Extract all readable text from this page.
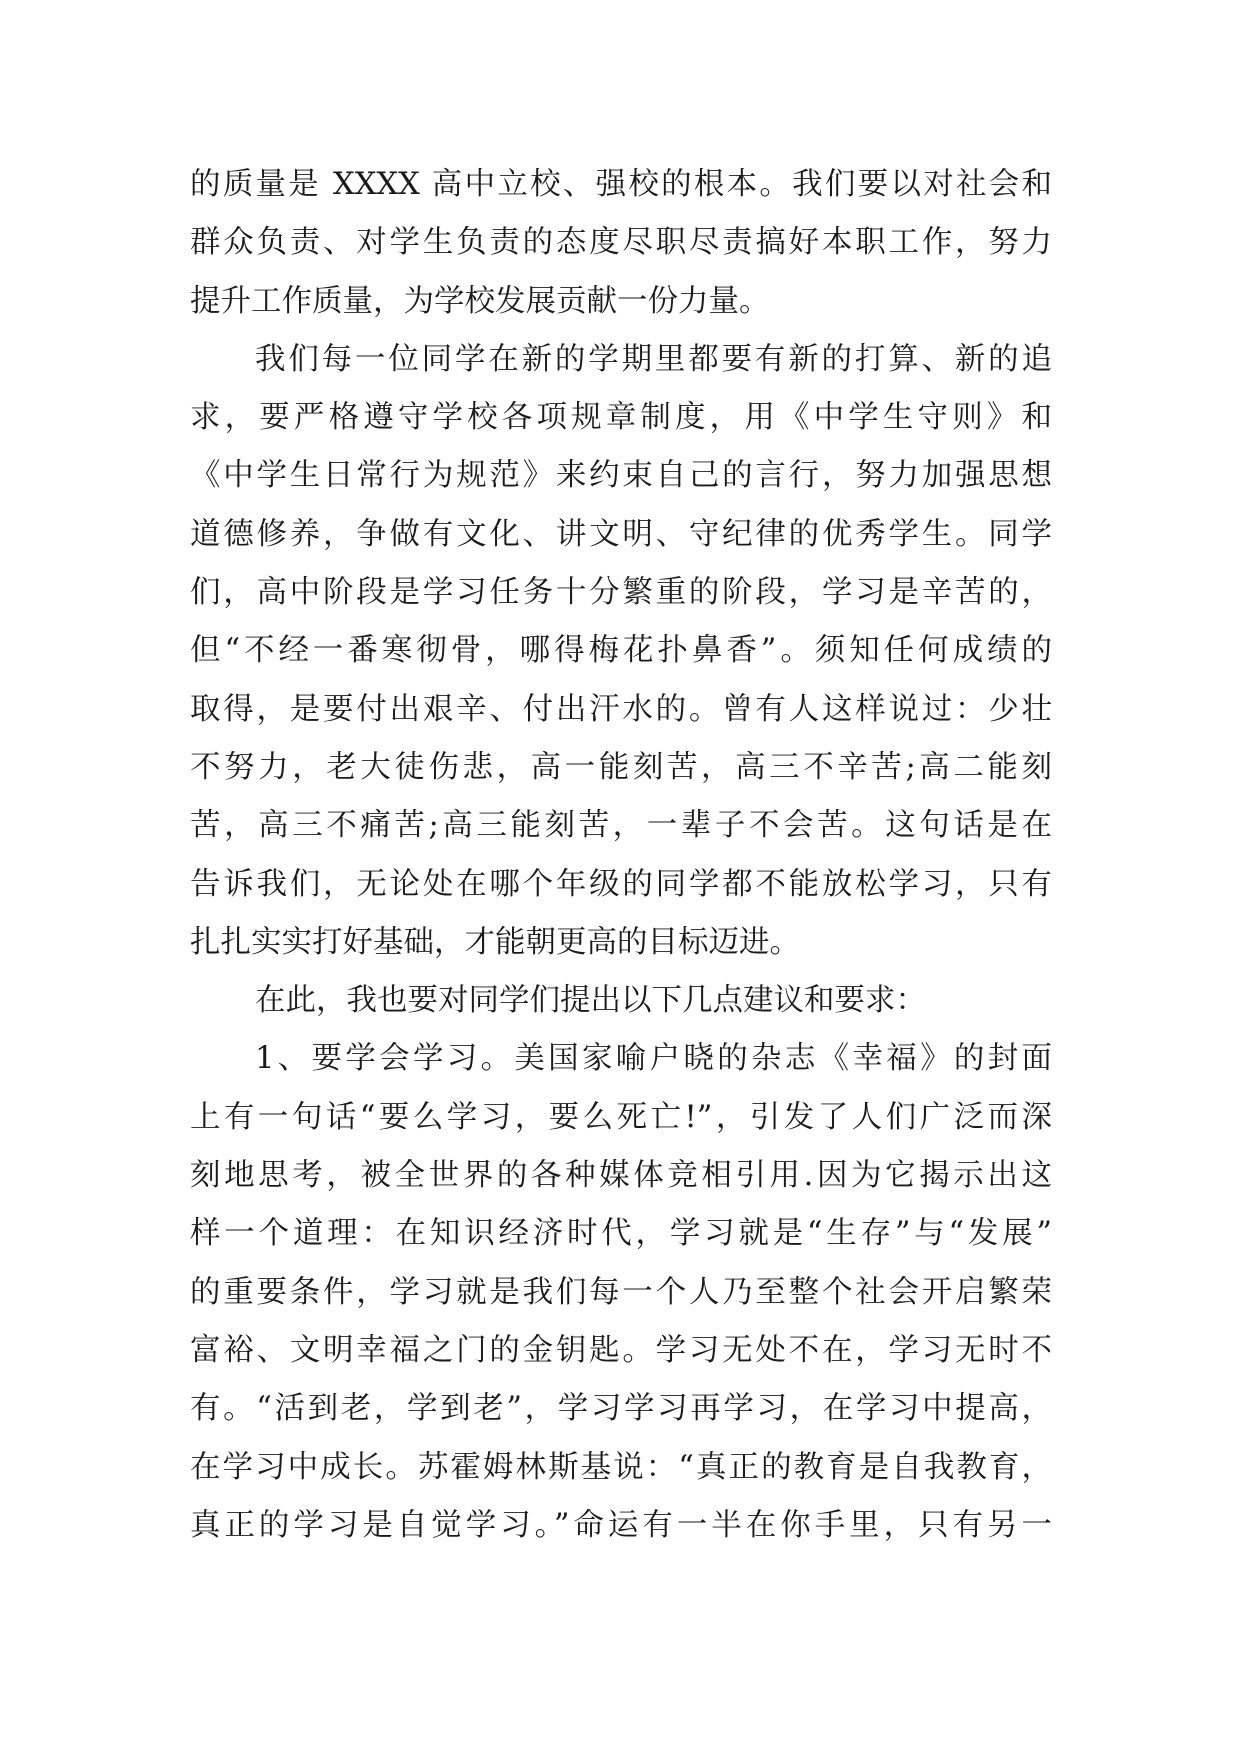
的质量是 XXXX 高中立校、强校的根本。我们要以对社会和
群众负责、对学生负责的态度尽职尽责搞好本职工作，努力
提升工作质量，为学校发展贡献一份力量。
我们每一位同学在新的学期里都要有新的打算、新的追
求，要严格遵守学校各项规章制度，用《中学生守则》和
《中学生日常行为规范》来约束自己的言行，努力加强思想
道德修养，争做有文化、讲文明、守纪律的优秀学生。同学
们，高中阶段是学习任务十分繁重的阶段，学习是辛苦的，
但“不经一番寒彻骨，哪得梅花扑鼻香”。须知任何成绩的
取得，是要付出艰辛、付出汗水的。曾有人这样说过：少壮
不努力，老大徒伤悲，高一能刻苦，高三不辛苦;高二能刻
苦，高三不痛苦;高三能刻苦，一辈子不会苦。这句话是在
告诉我们，无论处在哪个年级的同学都不能放松学习，只有
扎扎实实打好基础，才能朝更高的目标迈进。
在此，我也要对同学们提出以下几点建议和要求：
1、要学会学习。美国家喻户晓的杂志《幸福》的封面
上有一句话“要么学习，要么死亡!”，引发了人们广泛而深
刻地思考，被全世界的各种媒体竞相引用.因为它揭示出这
样一个道理：在知识经济时代，学习就是“生存”与“发展”
的重要条件，学习就是我们每一个人乃至整个社会开启繁荣
富裕、文明幸福之门的金钥匙。学习无处不在，学习无时不
有。“活到老，学到老”，学习学习再学习，在学习中提高，
在学习中成长。苏霍姆林斯基说：“真正的教育是自我教育，
真正的学习是自觉学习。”命运有一半在你手里，只有另一
